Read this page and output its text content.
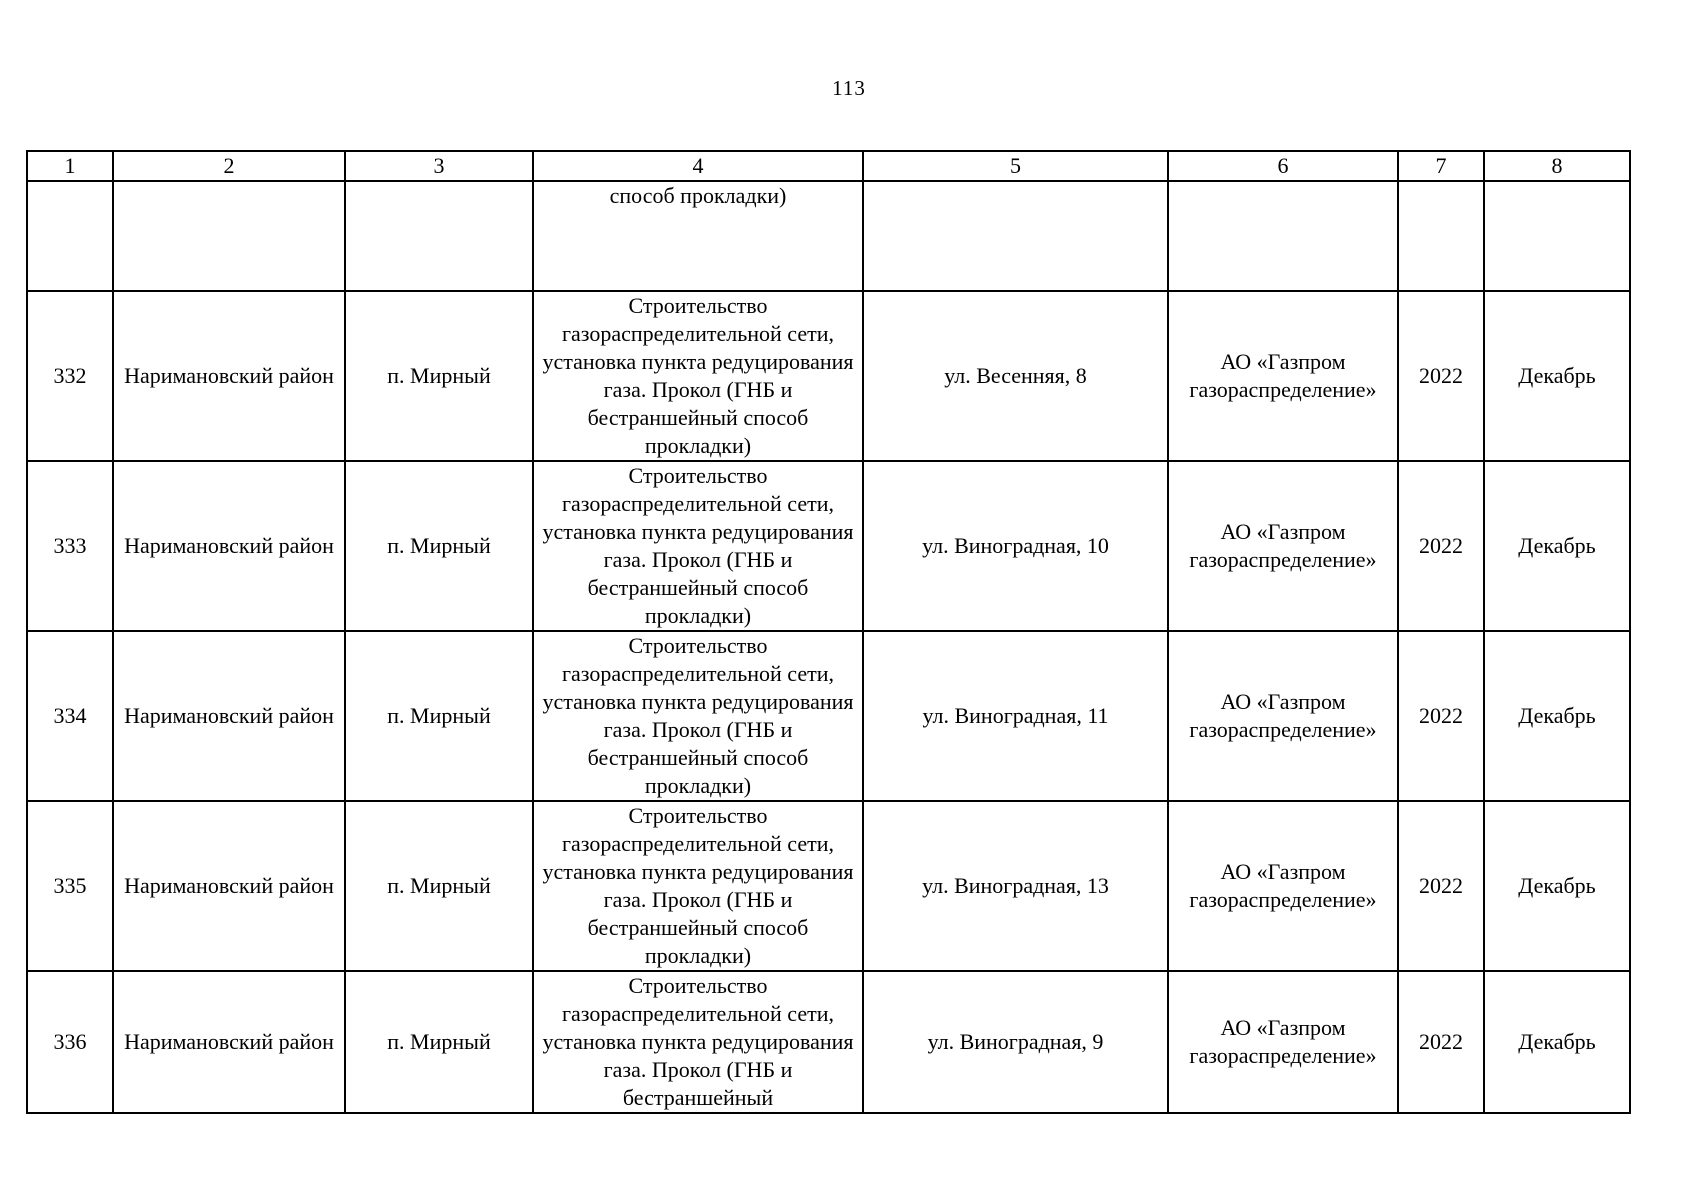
113
1	2	3	4	5	6	7	8
			способ прокладки)				
332	Наримановский район	п. Мирный	Строительство газораспределительной сети, установка пункта редуцирования газа. Прокол (ГНБ и бестраншейный способ прокладки)	ул. Весенняя, 8	АО «Газпром газораспределение»	2022	Декабрь
333	Наримановский район	п. Мирный	Строительство газораспределительной сети, установка пункта редуцирования газа. Прокол (ГНБ и бестраншейный способ прокладки)	ул. Виноградная, 10	АО «Газпром газораспределение»	2022	Декабрь
334	Наримановский район	п. Мирный	Строительство газораспределительной сети, установка пункта редуцирования газа. Прокол (ГНБ и бестраншейный способ прокладки)	ул. Виноградная, 11	АО «Газпром газораспределение»	2022	Декабрь
335	Наримановский район	п. Мирный	Строительство газораспределительной сети, установка пункта редуцирования газа. Прокол (ГНБ и бестраншейный способ прокладки)	ул. Виноградная, 13	АО «Газпром газораспределение»	2022	Декабрь
336	Наримановский район	п. Мирный	Строительство газораспределительной сети, установка пункта редуцирования газа. Прокол (ГНБ и бестраншейный	ул. Виноградная, 9	АО «Газпром газораспределение»	2022	Декабрь
